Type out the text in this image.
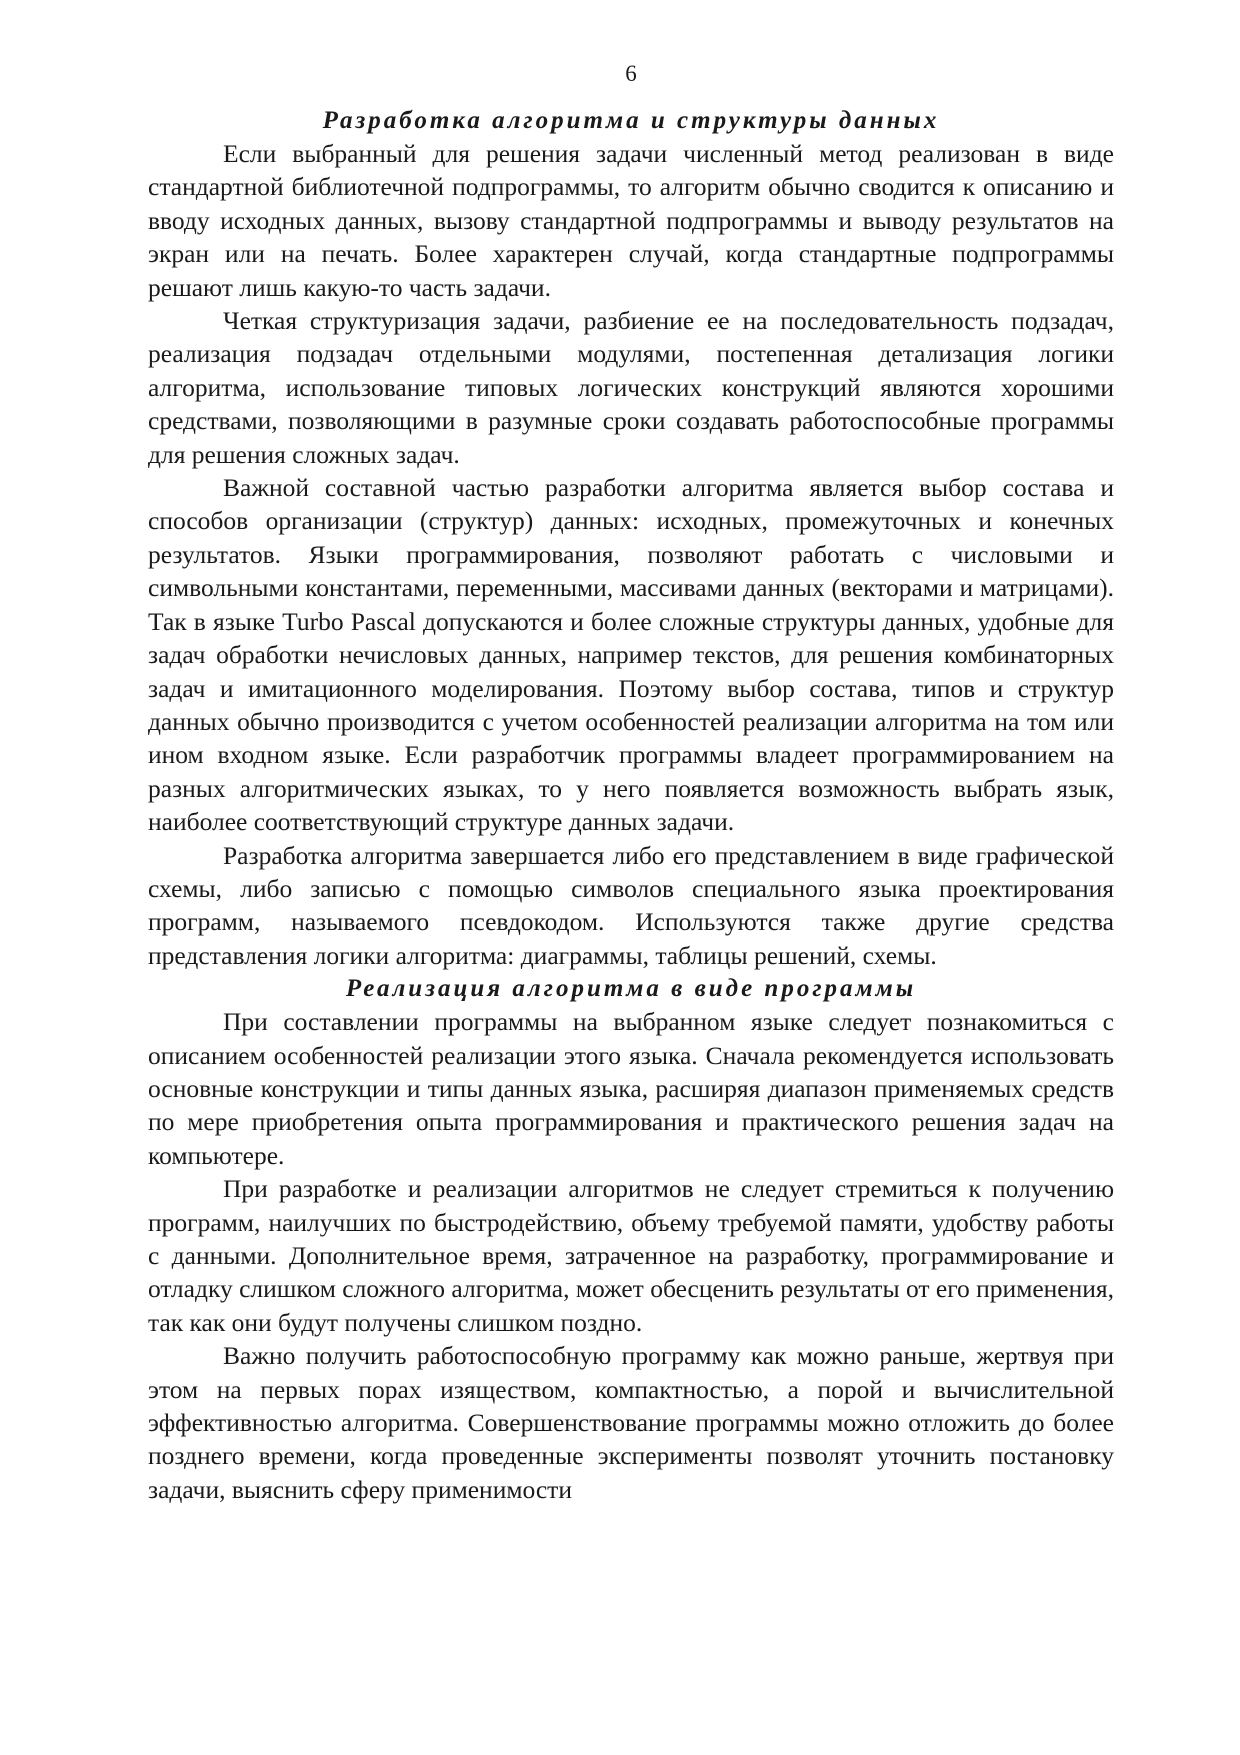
6
Разработка алгоритма и структуры данных

Если выбранный для решения задачи численный метод реализован в виде стандартной библиотечной подпрограммы, то алгоритм обычно сводится к описанию и вводу исходных данных, вызову стандартной подпрограммы и выводу результатов на экран или на печать. Более характерен случай, когда стандартные подпрограммы решают лишь какую-то часть задачи.

Четкая структуризация задачи, разбиение ее на последовательность подзадач, реализация подзадач отдельными модулями, постепенная детализация логики алгоритма, использование типовых логических конструкций являются хорошими средствами, позволяющими в разумные сроки создавать работоспособные программы для решения сложных задач.

Важной составной частью разработки алгоритма является выбор состава и способов организации (структур) данных: исходных, промежуточных и конечных результатов. Языки программирования, позволяют работать с числовыми и символьными константами, переменными, массивами данных (векторами и матрицами). Так в языке Turbo Pascal допускаются и более сложные структуры данных, удобные для задач обработки нечисловых данных, например текстов, для решения комбинаторных задач и имитационного моделирования. Поэтому выбор состава, типов и структур данных обычно производится с учетом особенностей реализации алгоритма на том или ином входном языке. Если разработчик программы владеет программированием на разных алгоритмических языках, то у него появляется возможность выбрать язык, наиболее соответствующий структуре данных задачи.

Разработка алгоритма завершается либо его представлением в виде графической схемы, либо записью с помощью символов специального языка проектирования программ, называемого псевдокодом. Используются также другие средства представления логики алгоритма: диаграммы, таблицы решений, схемы.

Реализация алгоритма в виде программы

При составлении программы на выбранном языке следует познакомиться с описанием особенностей реализации этого языка. Сначала рекомендуется использовать основные конструкции и типы данных языка, расширяя диапазон применяемых средств по мере приобретения опыта программирования и практического решения задач на компьютере.

При разработке и реализации алгоритмов не следует стремиться к получению программ, наилучших по быстродействию, объему требуемой памяти, удобству работы с данными. Дополнительное время, затраченное на разработку, программирование и отладку слишком сложного алгоритма, может обесценить результаты от его применения, так как они будут получены слишком поздно.

Важно получить работоспособную программу как можно раньше, жертвуя при этом на первых порах изяществом, компактностью, а порой и вычислительной эффективностью алгоритма. Совершенствование программы можно отложить до более позднего времени, когда проведенные эксперименты позволят уточнить постановку задачи, выяснить сферу применимости
